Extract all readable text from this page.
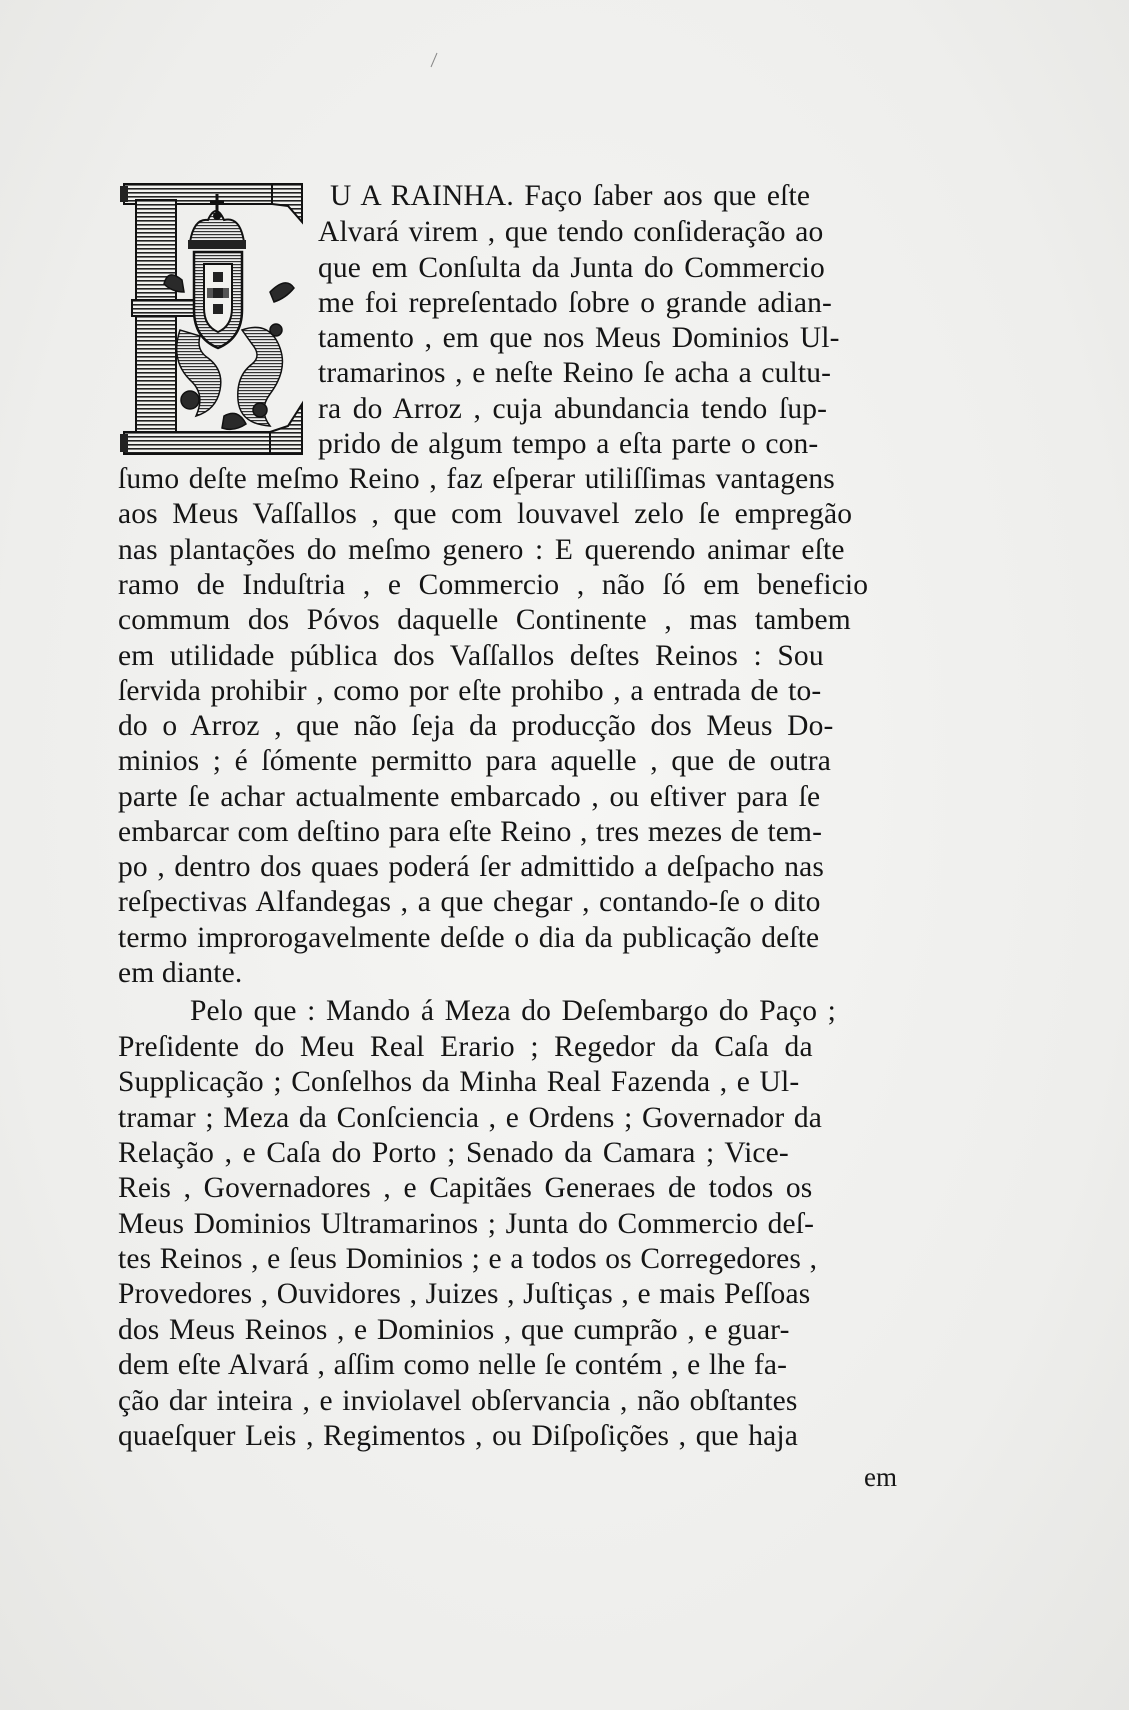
U A RAINHA. Faço ſaber aos que eſte
Alvará virem , que tendo conſideração ao
que em Conſulta da Junta do Commercio
me foi repreſentado ſobre o grande adian-
tamento , em que nos Meus Dominios Ul-
tramarinos , e neſte Reino ſe acha a cultu-
ra do Arroz , cuja abundancia tendo ſup-
prido de algum tempo a eſta parte o con-
ſumo deſte meſmo Reino , faz eſperar utiliſſimas vantagens
aos Meus Vaſſallos , que com louvavel zelo ſe empregão
nas plantações do meſmo genero : E querendo animar eſte
ramo de Induſtria , e Commercio , não ſó em beneficio
commum dos Póvos daquelle Continente , mas tambem
em utilidade pública dos Vaſſallos deſtes Reinos : Sou
ſervida prohibir , como por eſte prohibo , a entrada de to-
do o Arroz , que não ſeja da producção dos Meus Do-
minios ; é ſómente permitto para aquelle , que de outra
parte ſe achar actualmente embarcado , ou eſtiver para ſe
embarcar com deſtino para eſte Reino , tres mezes de tem-
po , dentro dos quaes poderá ſer admittido a deſpacho nas
reſpectivas Alfandegas , a que chegar , contando-ſe o dito
termo improrogavelmente deſde o dia da publicação deſte
em diante.
Pelo que : Mando á Meza do Deſembargo do Paço ;
Preſidente do Meu Real Erario ; Regedor da Caſa da
Supplicação ; Conſelhos da Minha Real Fazenda , e Ul-
tramar ; Meza da Conſciencia , e Ordens ; Governador da
Relação , e Caſa do Porto ; Senado da Camara ; Vice-
Reis , Governadores , e Capitães Generaes de todos os
Meus Dominios Ultramarinos ; Junta do Commercio deſ-
tes Reinos , e ſeus Dominios ; e a todos os Corregedores ,
Provedores , Ouvidores , Juizes , Juſtiças , e mais Peſſoas
dos Meus Reinos , e Dominios , que cumprão , e guar-
dem eſte Alvará , aſſim como nelle ſe contém , e lhe fa-
ção dar inteira , e inviolavel obſervancia , não obſtantes
quaeſquer Leis , Regimentos , ou Diſpoſições , que haja
em
